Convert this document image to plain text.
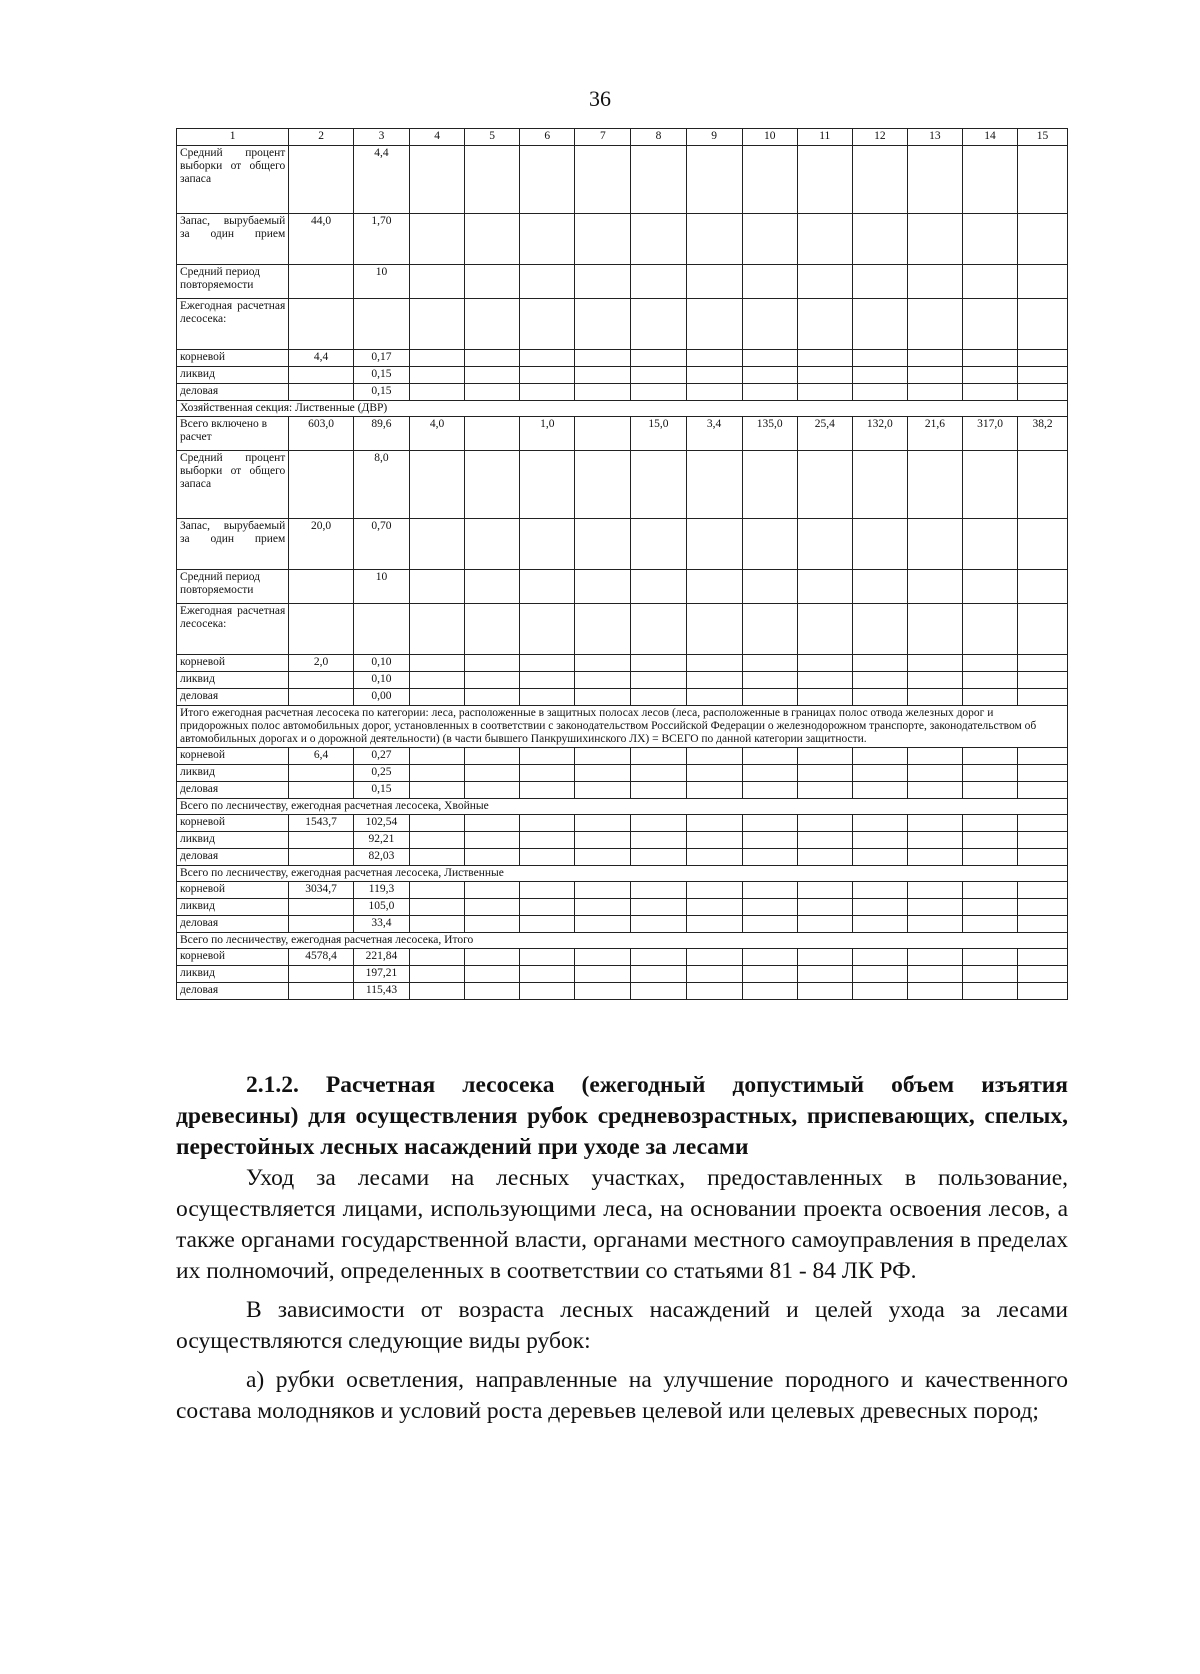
36
1	2	3	4	5	6	7	8	9	10	11	12	13	14	15
Средний процент выборки от общего запаса		4,4												
Запас, вырубаемый за один прием	44,0	1,70												
Средний период повторяемости		10												
Ежегодная расчетная лесосека:														
корневой	4,4	0,17												
ликвид		0,15												
деловая		0,15												
Хозяйственная секция: Лиственные (ДВР)														
Всего включено в расчет	603,0	89,6	4,0		1,0		15,0	3,4	135,0	25,4	132,0	21,6	317,0	38,2
Средний процент выборки от общего запаса		8,0												
Запас, вырубаемый за один прием	20,0	0,70												
Средний период повторяемости		10												
Ежегодная расчетная лесосека:														
корневой	2,0	0,10												
ликвид		0,10												
деловая		0,00												
Итого ежегодная расчетная лесосека по категории: леса, расположенные в защитных полосах лесов (леса, расположенные в границах полос отвода железных дорог и придорожных полос автомобильных дорог, установленных в соответствии с законодательством Российской Федерации о железнодорожном транспорте, законодательством об автомобильных дорогах и о дорожной деятельности) (в части бывшего Панкрушихинского ЛХ) = ВСЕГО по данной категории защитности.														
корневой	6,4	0,27												
ликвид		0,25												
деловая		0,15												
Всего по лесничеству, ежегодная расчетная лесосека, Хвойные														
корневой	1543,7	102,54												
ликвид		92,21												
деловая		82,03												
Всего по лесничеству, ежегодная расчетная лесосека, Лиственные														
корневой	3034,7	119,3												
ликвид		105,0												
деловая		33,4												
Всего по лесничеству, ежегодная расчетная лесосека, Итого														
корневой	4578,4	221,84												
ликвид		197,21												
деловая		115,43												
2.1.2. Расчетная лесосека (ежегодный допустимый объем изъятия древесины) для осуществления рубок средневозрастных, приспевающих, спелых, перестойных лесных насаждений при уходе за лесами

Уход за лесами на лесных участках, предоставленных в пользование, осуществляется лицами, использующими леса, на основании проекта освоения лесов, а также органами государственной власти, органами местного самоуправления в пределах их полномочий, определенных в соответствии со статьями 81 - 84 ЛК РФ.

В зависимости от возраста лесных насаждений и целей ухода за лесами осуществляются следующие виды рубок:

а) рубки осветления, направленные на улучшение породного и качественного состава молодняков и условий роста деревьев целевой или целевых древесных пород;
